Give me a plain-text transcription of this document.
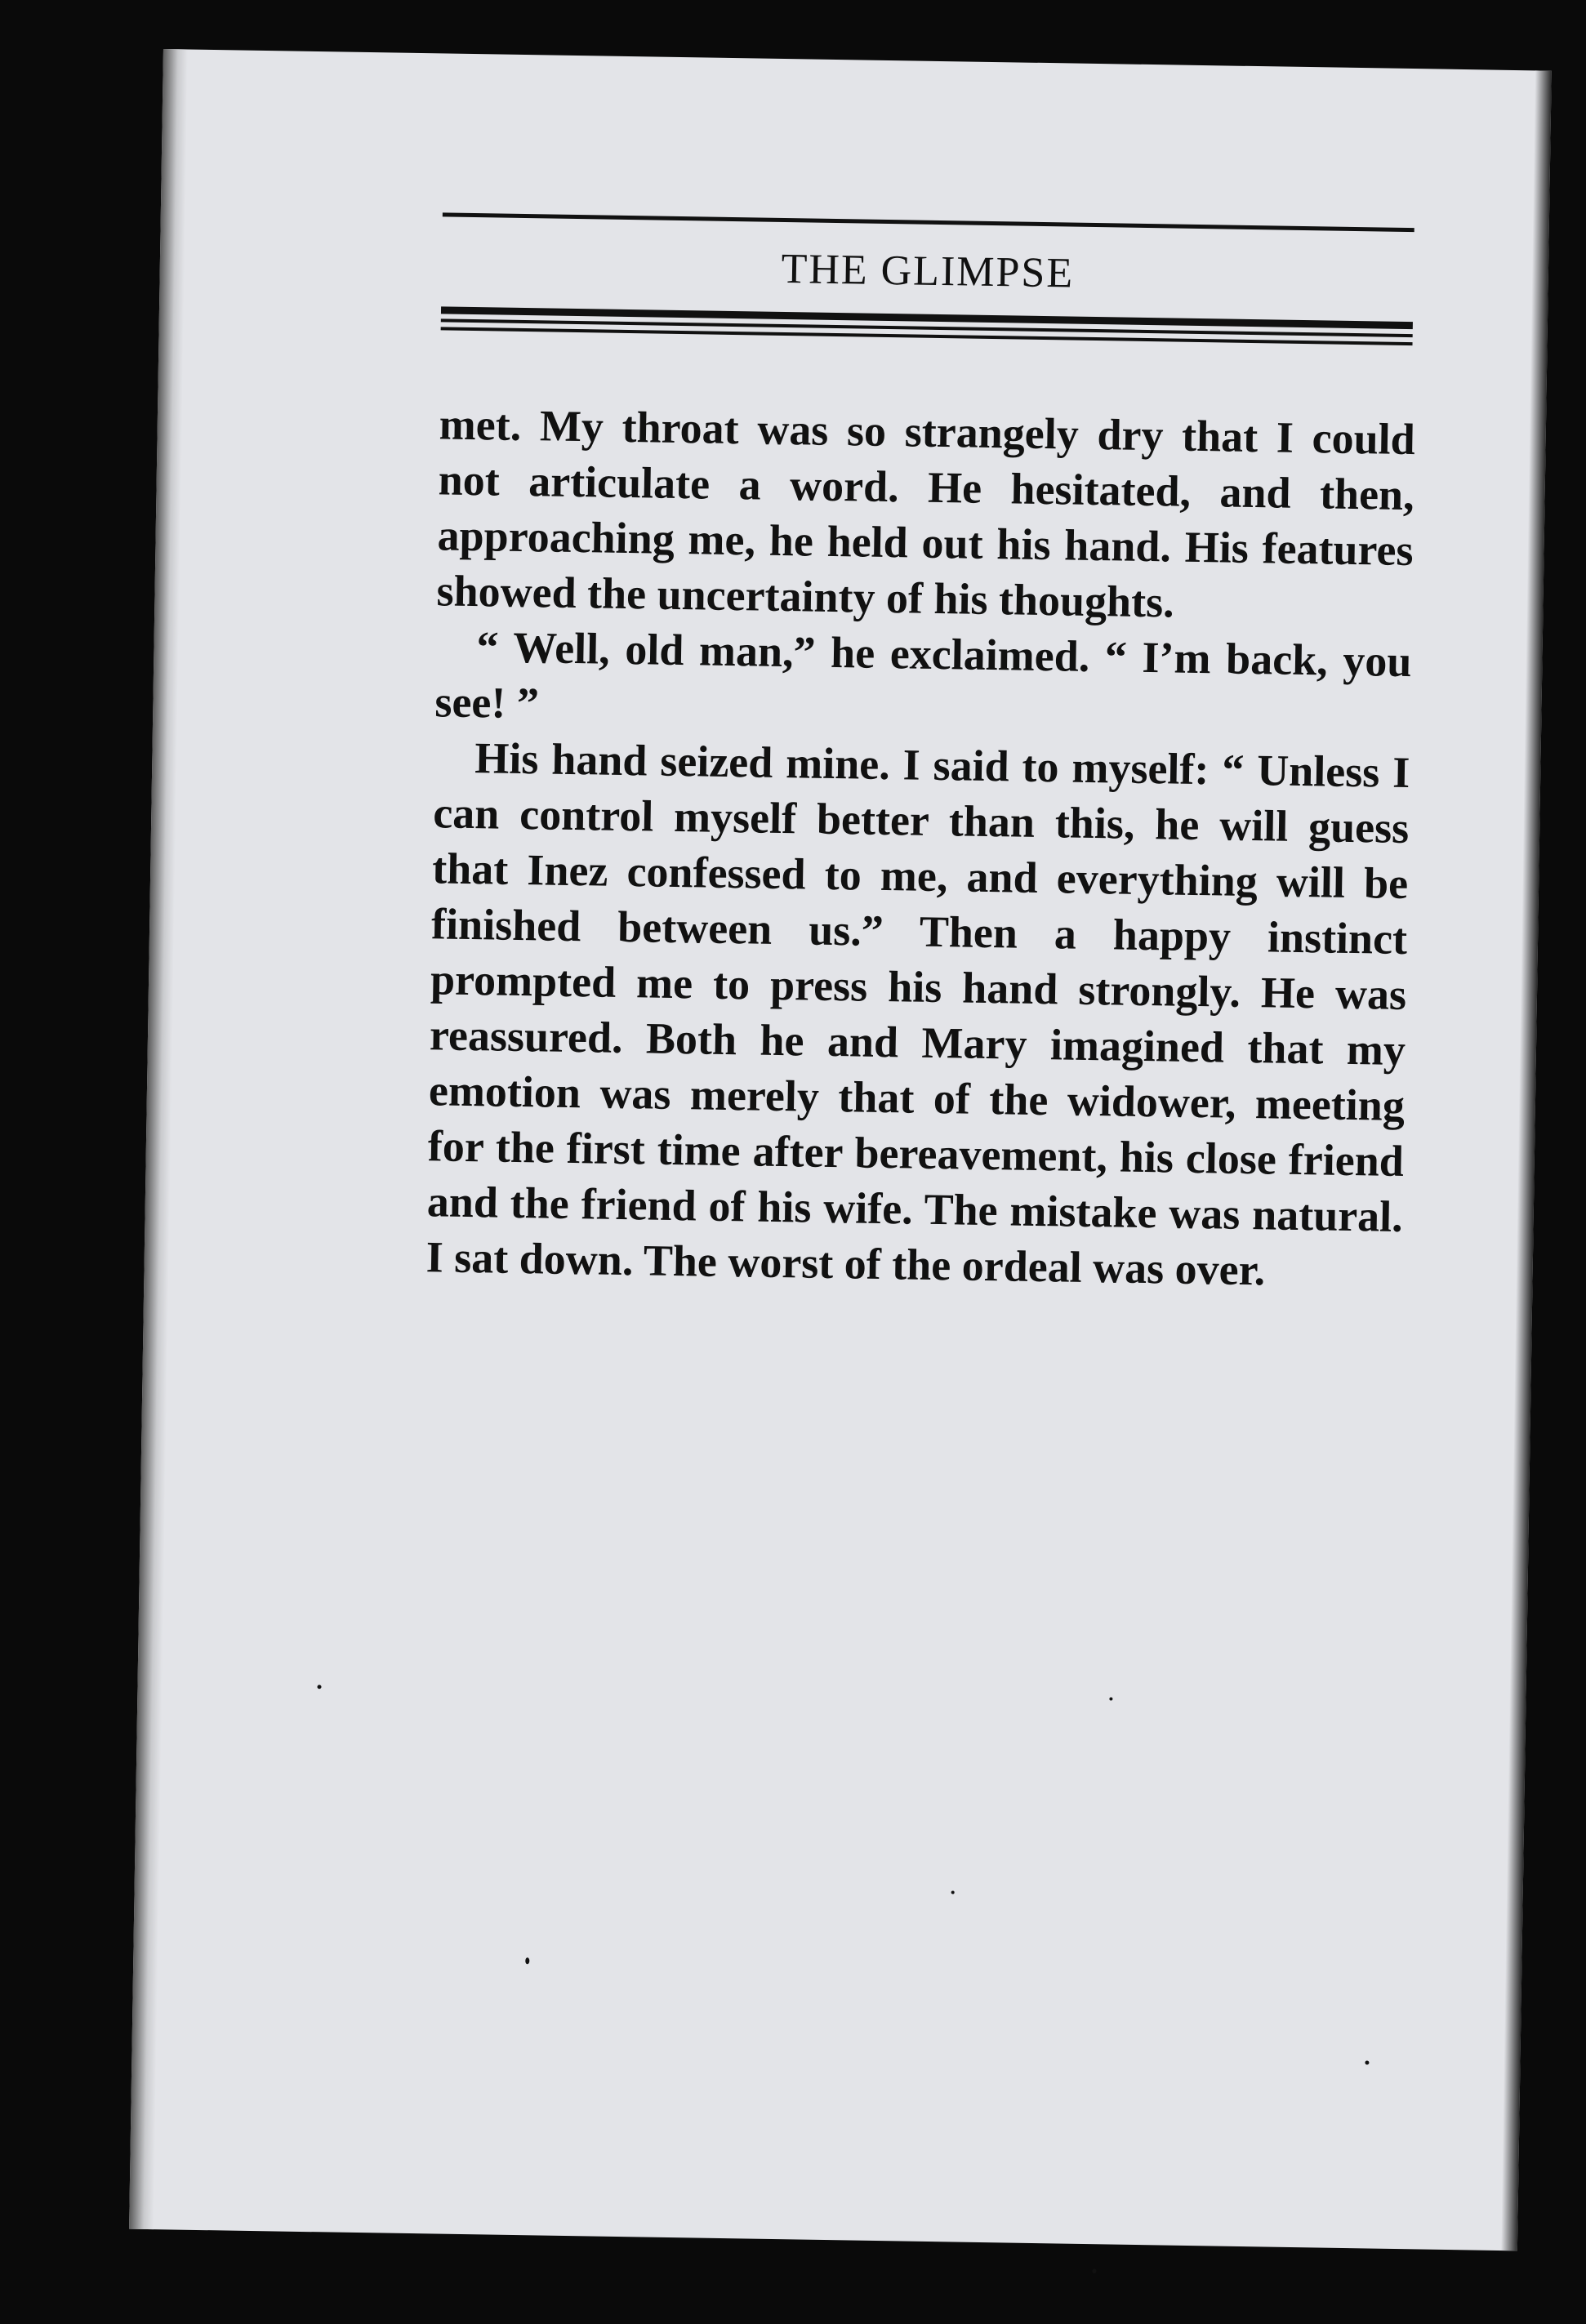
THE GLIMPSE

met. My throat was so strangely dry that I could not articulate a word. He hesitated, and then, approaching me, he held out his hand. His features showed the uncertainty of his thoughts.

“ Well, old man,” he exclaimed. “ I’m back, you see! ”

His hand seized mine. I said to myself: “ Unless I can control myself better than this, he will guess that Inez confessed to me, and everything will be finished between us.” Then a happy instinct prompted me to press his hand strongly. He was reassured. Both he and Mary imagined that my emotion was merely that of the widower, meeting for the first time after bereavement, his close friend and the friend of his wife. The mistake was natural. I sat down. The worst of the ordeal was over.
